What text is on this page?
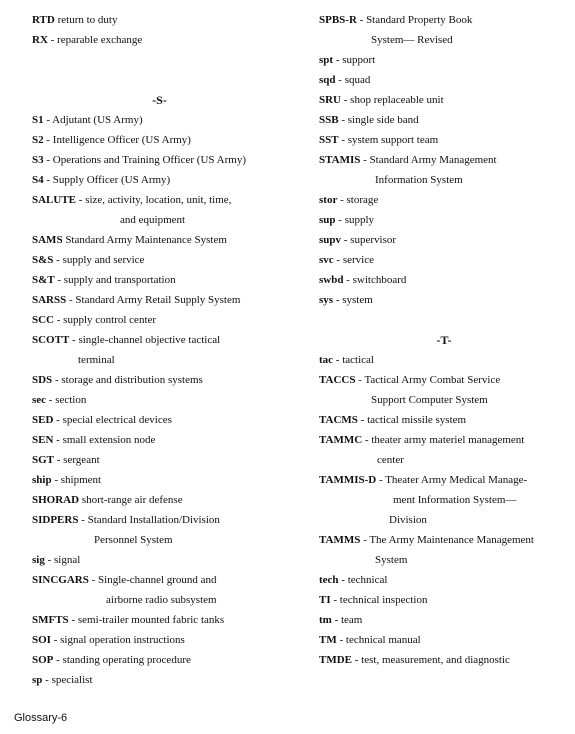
RTD return to duty
RX - reparable exchange
-S-
S1 - Adjutant (US Army)
S2 - Intelligence Officer (US Army)
S3 - Operations and Training Officer (US Army)
S4 - Supply Officer (US Army)
SALUTE - size, activity, location, unit, time,
and equipment
SAMS Standard Army Maintenance System
S&S - supply and service
S&T - supply and transportation
SARSS - Standard Army Retail Supply System
SCC - supply control center
SCOTT - single-channel objective tactical
terminal
SDS - storage and distribution systems
sec - section
SED - special electrical devices
SEN - small extension node
SGT - sergeant
ship - shipment
SHORAD short-range air defense
SIDPERS - Standard Installation/Division
Personnel System
sig - signal
SINCGARS - Single-channel ground and
airborne radio subsystem
SMFTS - semi-trailer mounted fabric tanks
SOI - signal operation instructions
SOP - standing operating procedure
sp - specialist
SPBS-R - Standard Property Book
System— Revised
spt - support
sqd - squad
SRU - shop replaceable unit
SSB - single side band
SST - system support team
STAMIS - Standard Army Management
Information System
stor - storage
sup - supply
supv - supervisor
svc - service
swbd - switchboard
sys - system
-T-
tac - tactical
TACCS - Tactical Army Combat Service
Support Computer System
TACMS - tactical missile system
TAMMC - theater army materiel management
center
TAMMIS-D - Theater Army Medical Manage-
ment Information System—
Division
TAMMS - The Army Maintenance Management
System
tech - technical
TI - technical inspection
tm - team
TM - technical manual
TMDE - test, measurement, and diagnostic
Glossary-6
